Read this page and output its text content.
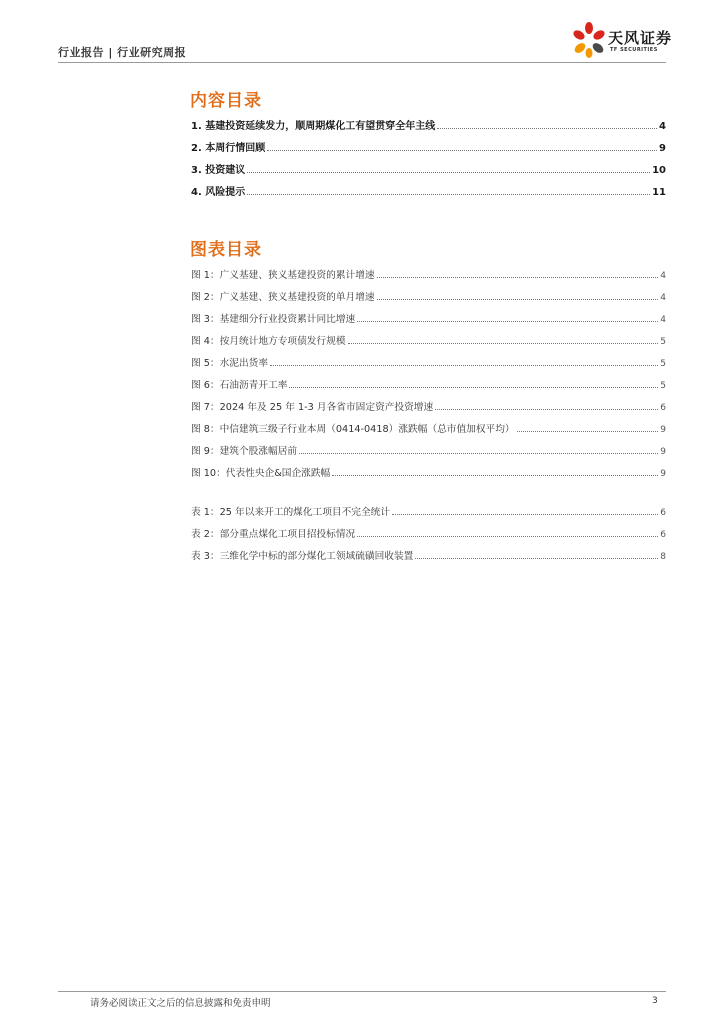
行业报告 | 行业研究周报
天风证券
TF SECURITIES
内容目录
1. 基建投资延续发力，顺周期煤化工有望贯穿全年主线	4
2. 本周行情回顾	9
3. 投资建议	10
4. 风险提示	11
图表目录
图 1：广义基建、狭义基建投资的累计增速	4
图 2：广义基建、狭义基建投资的单月增速	4
图 3：基建细分行业投资累计同比增速	4
图 4：按月统计地方专项债发行规模	5
图 5：水泥出货率	5
图 6：石油沥青开工率	5
图 7：2024 年及 25 年 1-3 月各省市固定资产投资增速	6
图 8：中信建筑三级子行业本周（0414-0418）涨跌幅（总市值加权平均）	9
图 9：建筑个股涨幅居前	9
图 10：代表性央企&国企涨跌幅	9
表 1：25 年以来开工的煤化工项目不完全统计	6
表 2：部分重点煤化工项目招投标情况	6
表 3：三维化学中标的部分煤化工领域硫磺回收装置	8
请务必阅读正文之后的信息披露和免责申明	3
